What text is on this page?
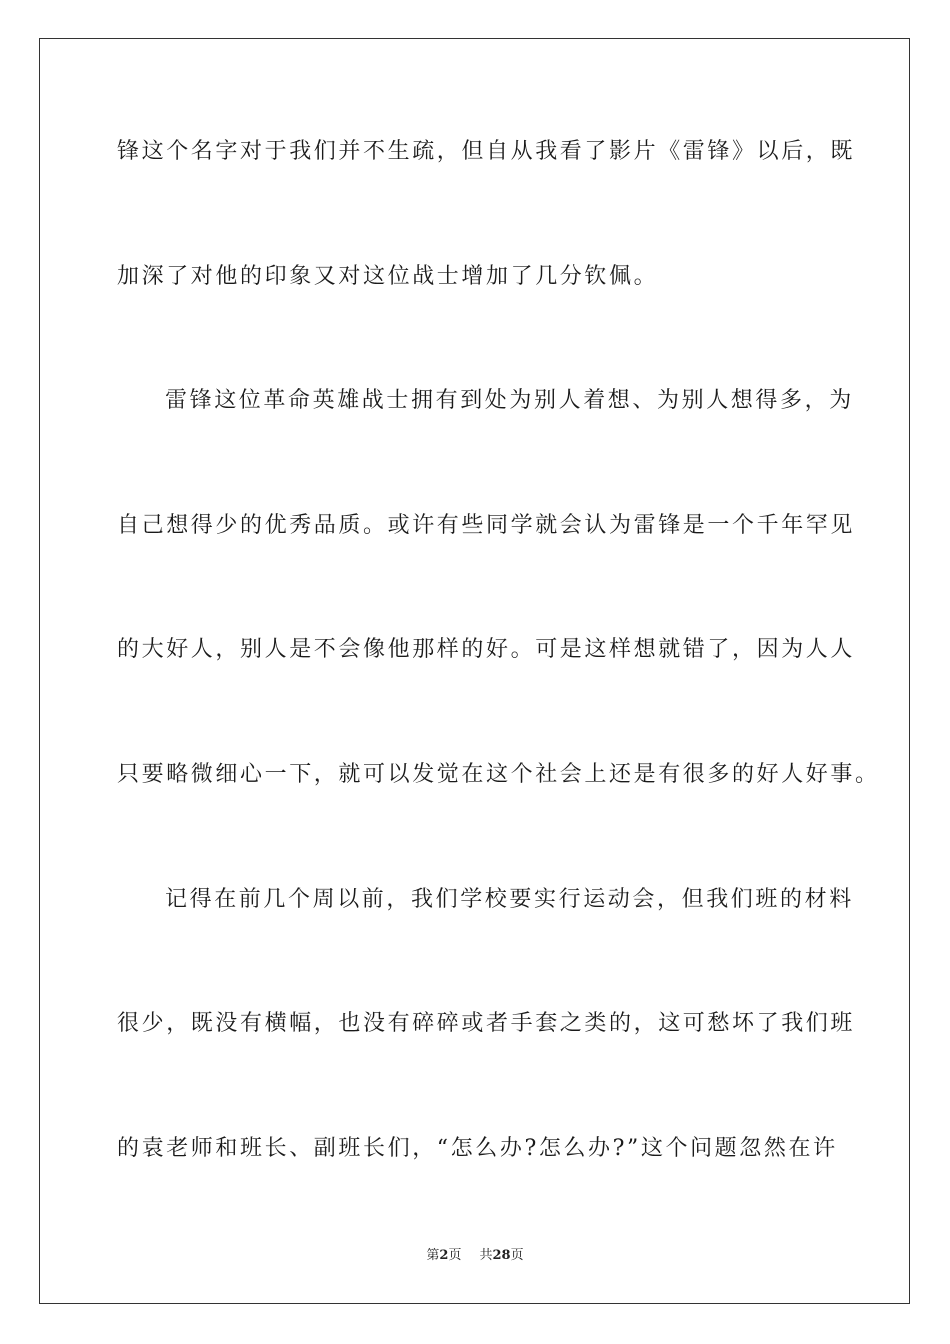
锋这个名字对于我们并不生疏，但自从我看了影片《雷锋》以后，既
加深了对他的印象又对这位战士增加了几分钦佩。
雷锋这位革命英雄战士拥有到处为别人着想、为别人想得多，为
自己想得少的优秀品质。或许有些同学就会认为雷锋是一个千年罕见
的大好人，别人是不会像他那样的好。可是这样想就错了，因为人人
只要略微细心一下，就可以发觉在这个社会上还是有很多的好人好事。
记得在前几个周以前，我们学校要实行运动会，但我们班的材料
很少，既没有横幅，也没有碎碎或者手套之类的，这可愁坏了我们班
的袁老师和班长、副班长们，“怎么办?怎么办?”这个问题忽然在许
第2页 共28页
